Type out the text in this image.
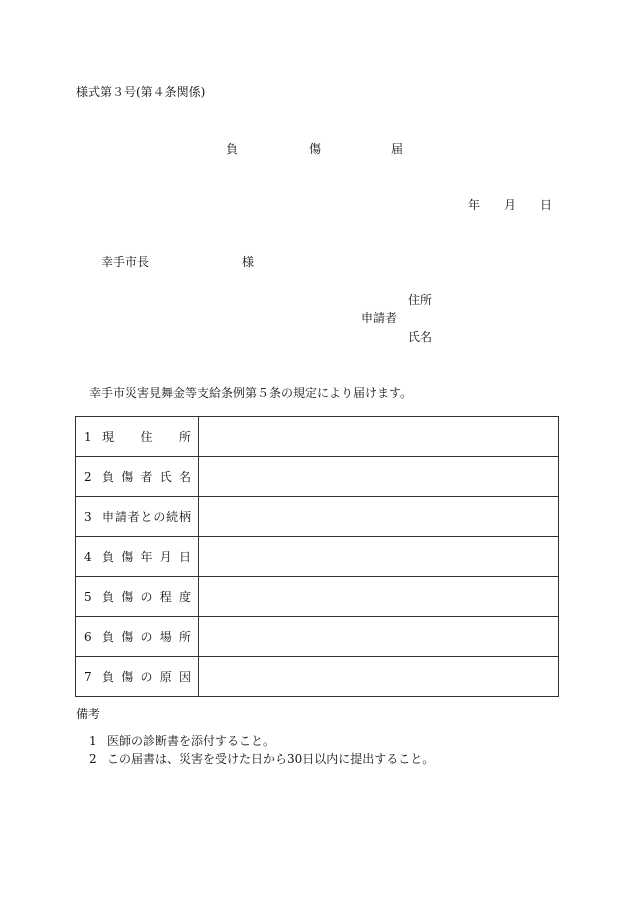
様式第３号(第４条関係)
負	傷	届
年 月 日
幸手市長	様
住所
申請者
氏名
幸手市災害見舞金等支給条例第５条の規定により届けます。
1 現住所	

2 負傷者氏名	

3 申請者との続柄	

4 負傷年月日	

5 負傷の程度	

6 負傷の場所	

7 負傷の原因	

備考
1 医師の診断書を添付すること。
2 この届書は、災害を受けた日から30日以内に提出すること。
